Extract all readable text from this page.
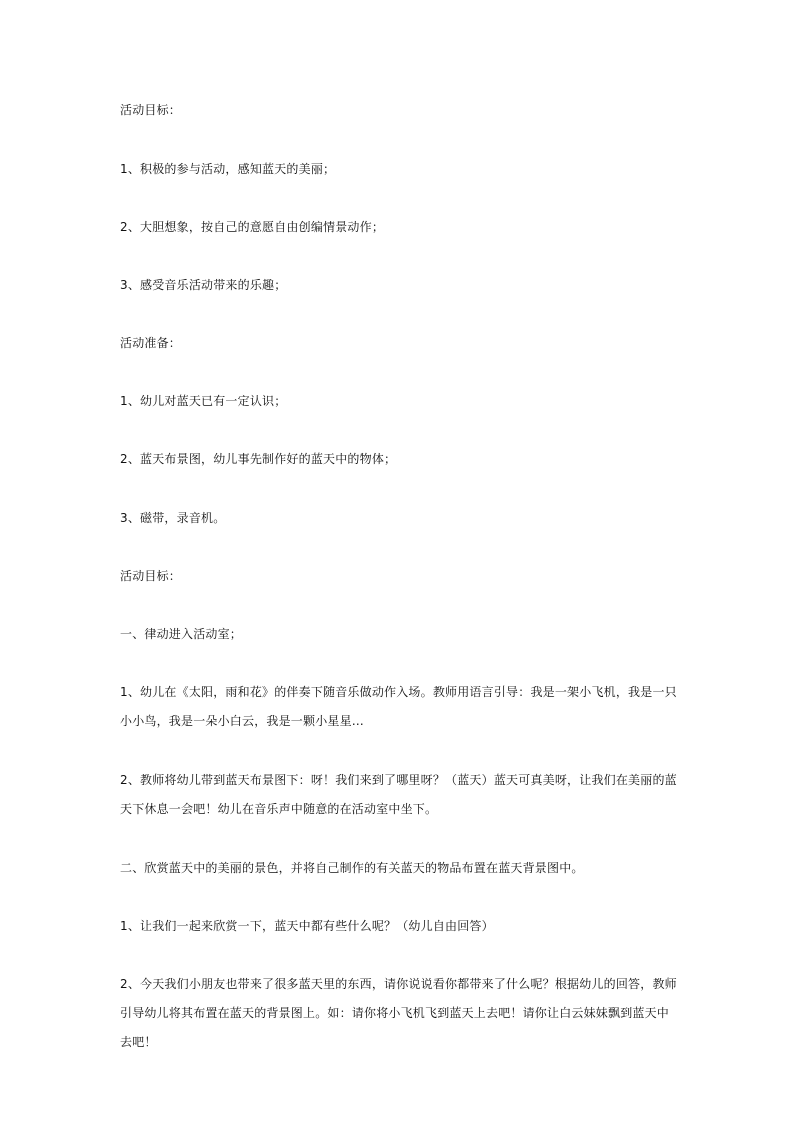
活动目标：
1、积极的参与活动，感知蓝天的美丽；
2、大胆想象，按自己的意愿自由创编情景动作；
3、感受音乐活动带来的乐趣；
活动准备：
1、幼儿对蓝天已有一定认识；
2、蓝天布景图，幼儿事先制作好的蓝天中的物体；
3、磁带，录音机。
活动目标：
一、律动进入活动室；
1、幼儿在《太阳，雨和花》的伴奏下随音乐做动作入场。教师用语言引导：我是一架小飞机，我是一只小小鸟，我是一朵小白云，我是一颗小星星…
2、教师将幼儿带到蓝天布景图下：呀！我们来到了哪里呀？（蓝天）蓝天可真美呀，让我们在美丽的蓝天下休息一会吧！幼儿在音乐声中随意的在活动室中坐下。
二、欣赏蓝天中的美丽的景色，并将自己制作的有关蓝天的物品布置在蓝天背景图中。
1、让我们一起来欣赏一下，蓝天中都有些什么呢？（幼儿自由回答）
2、今天我们小朋友也带来了很多蓝天里的东西，请你说说看你都带来了什么呢？根据幼儿的回答，教师引导幼儿将其布置在蓝天的背景图上。如：请你将小飞机飞到蓝天上去吧！请你让白云妹妹飘到蓝天中去吧！
